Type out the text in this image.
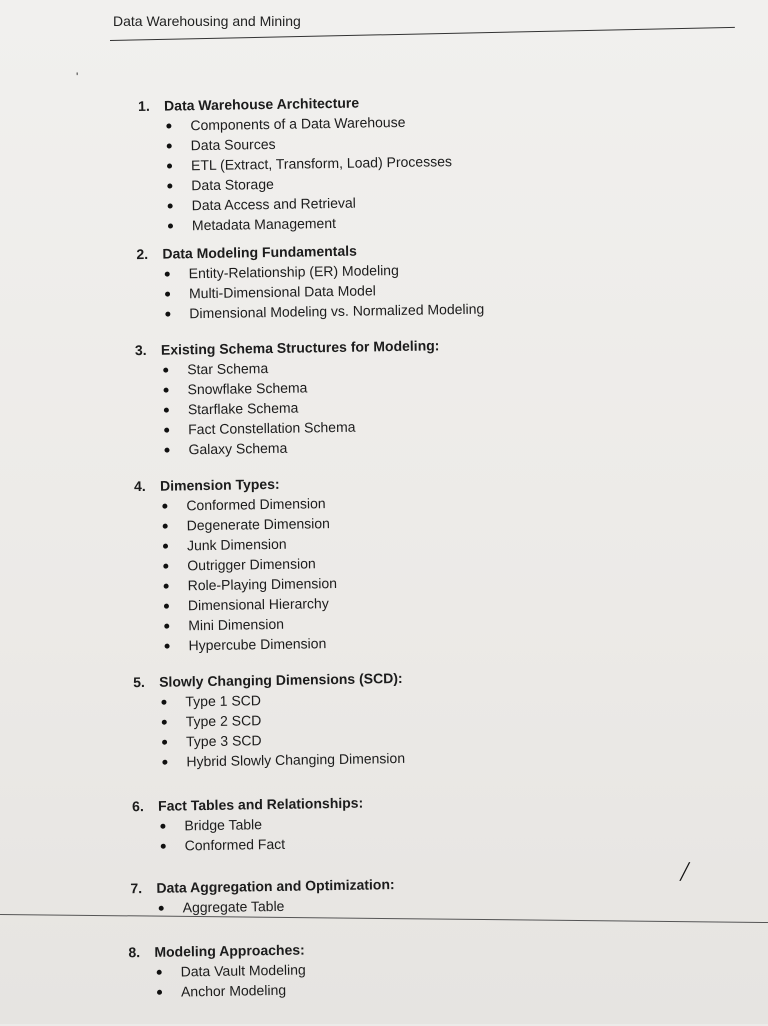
Data Warehousing and Mining
'
1. Data Warehouse Architecture
Components of a Data Warehouse
Data Sources
ETL (Extract, Transform, Load) Processes
Data Storage
Data Access and Retrieval
Metadata Management
2. Data Modeling Fundamentals
Entity-Relationship (ER) Modeling
Multi-Dimensional Data Model
Dimensional Modeling vs. Normalized Modeling
3. Existing Schema Structures for Modeling:
Star Schema
Snowflake Schema
Starflake Schema
Fact Constellation Schema
Galaxy Schema
4. Dimension Types:
Conformed Dimension
Degenerate Dimension
Junk Dimension
Outrigger Dimension
Role-Playing Dimension
Dimensional Hierarchy
Mini Dimension
Hypercube Dimension
5. Slowly Changing Dimensions (SCD):
Type 1 SCD
Type 2 SCD
Type 3 SCD
Hybrid Slowly Changing Dimension
6. Fact Tables and Relationships:
Bridge Table
Conformed Fact
7. Data Aggregation and Optimization:
Aggregate Table
8. Modeling Approaches:
Data Vault Modeling
Anchor Modeling
╱
